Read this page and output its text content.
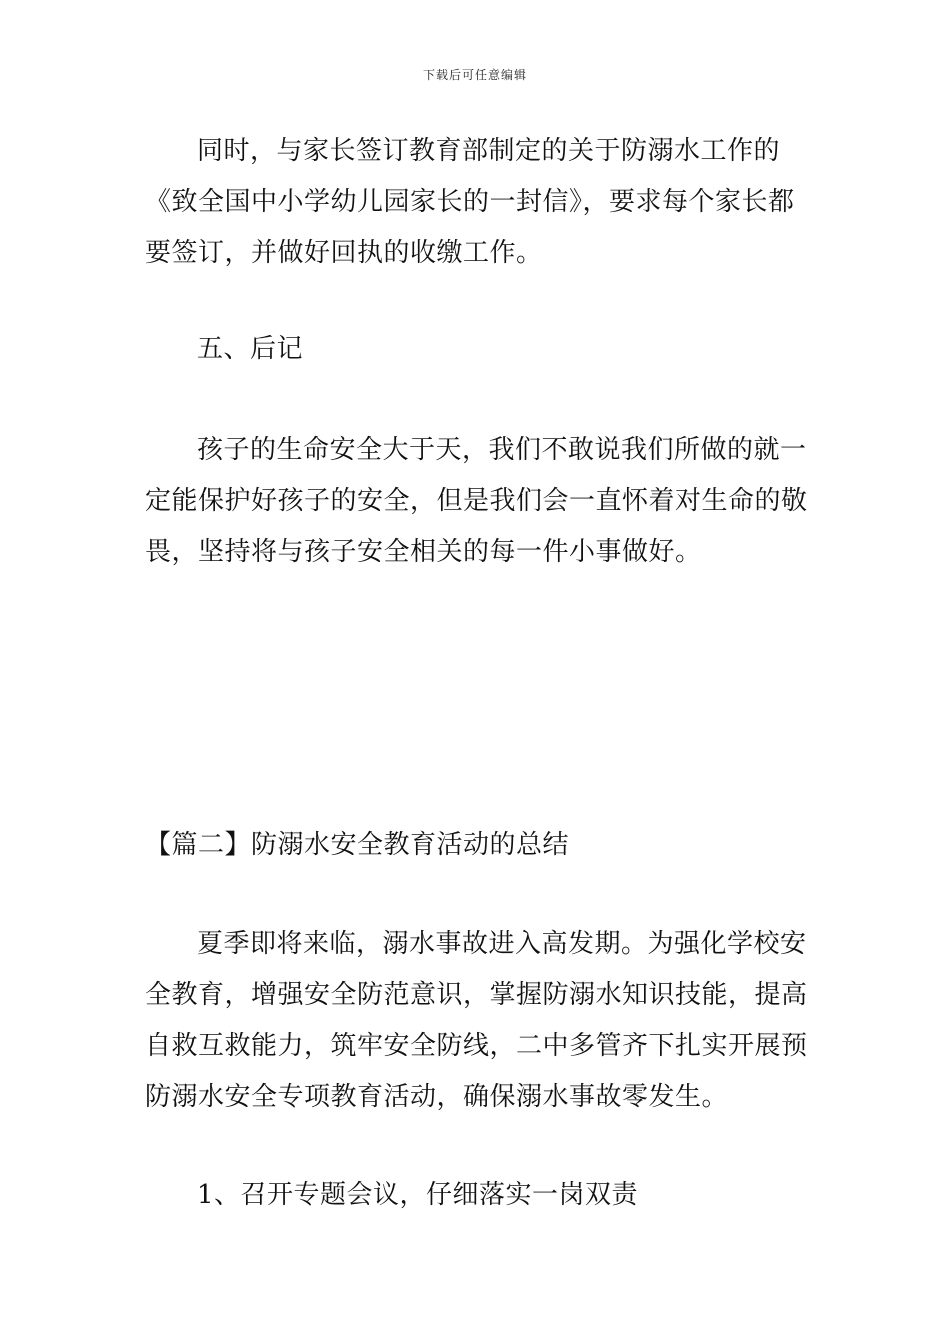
下载后可任意编辑

同时，与家长签订教育部制定的关于防溺水工作的

《致全国中小学幼儿园家长的一封信》，要求每个家长都

要签订，并做好回执的收缴工作。

五、后记

孩子的生命安全大于天，我们不敢说我们所做的就一

定能保护好孩子的安全，但是我们会一直怀着对生命的敬

畏，坚持将与孩子安全相关的每一件小事做好。

【篇二】防溺水安全教育活动的总结

夏季即将来临，溺水事故进入高发期。为强化学校安

全教育，增强安全防范意识，掌握防溺水知识技能，提高

自救互救能力，筑牢安全防线，二中多管齐下扎实开展预

防溺水安全专项教育活动，确保溺水事故零发生。

1、召开专题会议，仔细落实一岗双责
